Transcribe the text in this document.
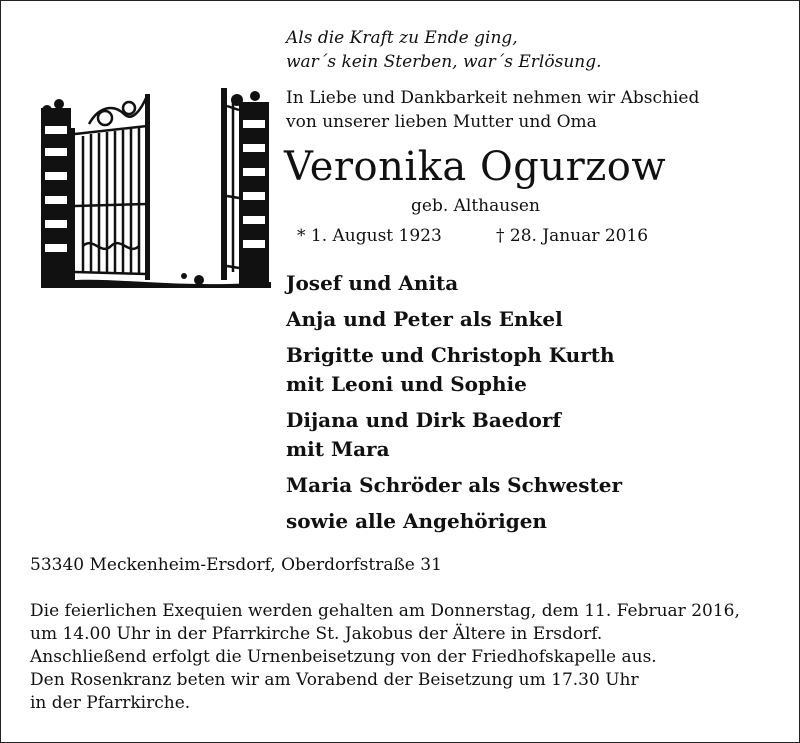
Als die Kraft zu Ende ging,
war´s kein Sterben, war´s Erlösung.
In Liebe und Dankbarkeit nehmen wir Abschied
von unserer lieben Mutter und Oma
Veronika Ogurzow
geb. Althausen
* 1. August 1923	† 28. Januar 2016
Josef und Anita
Anja und Peter als Enkel
Brigitte und Christoph Kurth
mit Leoni und Sophie
Dijana und Dirk Baedorf
mit Mara
Maria Schröder als Schwester
sowie alle Angehörigen
53340 Meckenheim-Ersdorf, Oberdorfstraße 31
Die feierlichen Exequien werden gehalten am Donnerstag, dem 11. Februar 2016,
um 14.00 Uhr in der Pfarrkirche St. Jakobus der Ältere in Ersdorf.
Anschließend erfolgt die Urnenbeisetzung von der Friedhofskapelle aus.
Den Rosenkranz beten wir am Vorabend der Beisetzung um 17.30 Uhr
in der Pfarrkirche.
